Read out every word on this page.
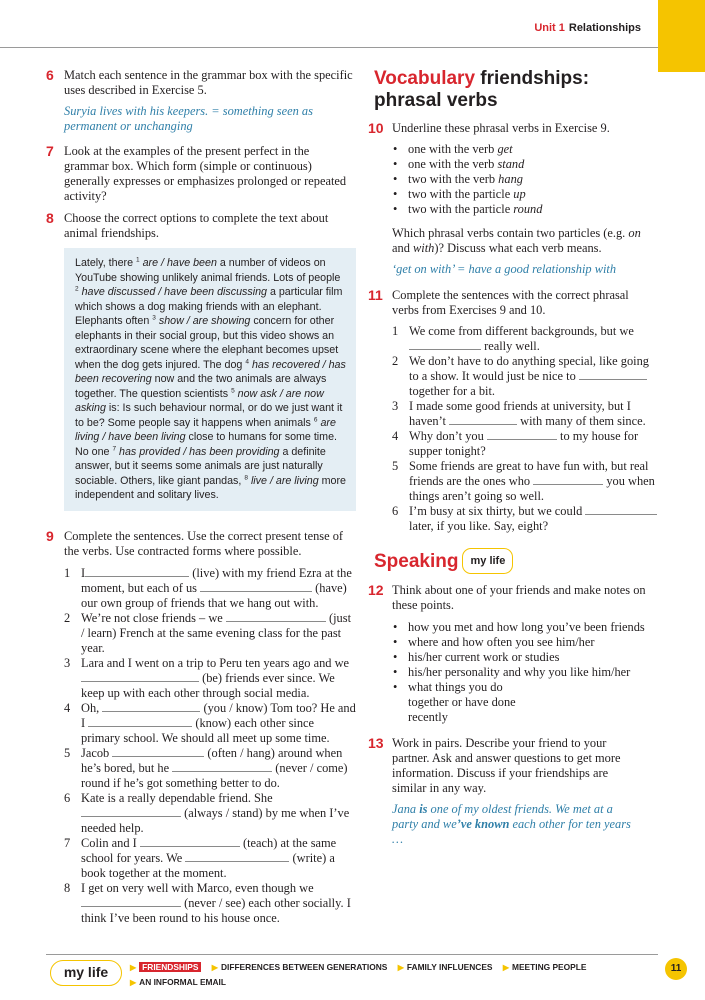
Unit 1 Relationships
6 Match each sentence in the grammar box with the specific uses described in Exercise 5.
Suryia lives with his keepers. = something seen as permanent or unchanging
7 Look at the examples of the present perfect in the grammar box. Which form (simple or continuous) generally expresses or emphasizes prolonged or repeated activity?
8 Choose the correct options to complete the text about animal friendships.
Lately, there $^1$ are / have been a number of videos on YouTube showing unlikely animal friends. Lots of people $^2$ have discussed / have been discussing a particular film which shows a dog making friends with an elephant. Elephants often $^3$ show / are showing concern for other elephants in their social group, but this video shows an extraordinary scene where the elephant becomes upset when the dog gets injured. The dog $^4$ has recovered / has been recovering now and the two animals are always together. The question scientists $^5$ now ask / are now asking is: Is such behaviour normal, or do we just want it to be? Some people say it happens when animals $^6$ are living / have been living close to humans for some time. No one $^7$ has provided / has been providing a definite answer, but it seems some animals are just naturally sociable. Others, like giant pandas, $^8$ live / are living more independent and solitary lives.
9 Complete the sentences. Use the correct present tense of the verbs. Use contracted forms where possible.
1 I	(live) with my friend Ezra at the moment, but each of us	(have) our own group of friends that we hang out with.
2 We’re not close friends – we	(just / learn) French at the same evening class for the past year.
3 Lara and I went on a trip to Peru ten years ago and we  (be) friends ever since. We keep up with each other through social media.
4 Oh,	(you / know) Tom too? He and I	(know) each other since primary school. We should all meet up some time.
5 Jacob	(often / hang) around when he’s bored, but he	(never / come) round if he’s got something better to do.
6 Kate is a really dependable friend. She  (always / stand) by me when I’ve needed help.
7 Colin and I	(teach) at the same school for years. We	(write) a book together at the moment.
8 I get on very well with Marco, even though we  (never / see) each other socially. I think I’ve been round to his house once.
Vocabulary friendships: phrasal verbs
10 Underline these phrasal verbs in Exercise 9.
• one with the verb get
• one with the verb stand
• two with the verb hang
• two with the particle up
• two with the particle round
Which phrasal verbs contain two particles (e.g. on and with)? Discuss what each verb means.
‘get on with’ = have a good relationship with
11 Complete the sentences with the correct phrasal verbs from Exercises 9 and 10.
1 We come from different backgrounds, but we  really well.
2 We don’t have to do anything special, like going to a show. It would just be nice to  together for a bit.
3 I made some good friends at university, but I haven’t	with many of them since.
4 Why don’t you	to my house for supper tonight?
5 Some friends are great to have fun with, but real friends are the ones who	you when things aren’t going so well.
6 I’m busy at six thirty, but we could  later, if you like. Say, eight?
Speaking my life
12 Think about one of your friends and make notes on these points.
• how you met and how long you’ve been friends
• where and how often you see him/her
• his/her current work or studies
• his/her personality and why you like him/her
• what things you do together or have done recently
13 Work in pairs. Describe your friend to your partner. Ask and answer questions to get more information. Discuss if your friendships are similar in any way.
Jana is one of my oldest friends. We met at a party and we’ve known each other for ten years …
my life	▶ FRIENDSHIPS ▶ DIFFERENCES BETWEEN GENERATIONS ▶ FAMILY INFLUENCES ▶ MEETING PEOPLE
▶ AN INFORMAL EMAIL
11
